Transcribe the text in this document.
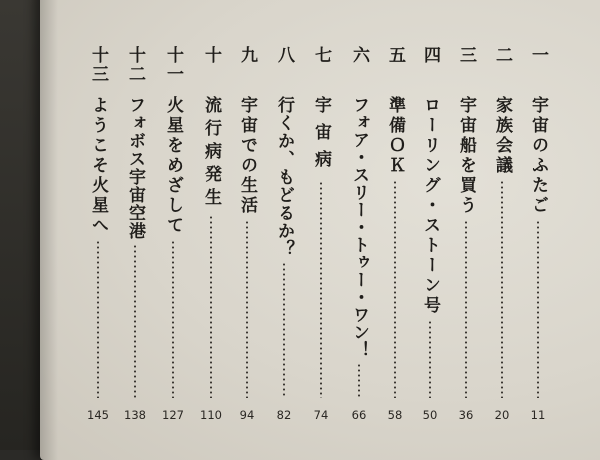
一
宇宙のふたご
11
二
家族会議
20
三
宇宙船を買う
36
四
ローリング・ストーン号
50
五
準備ＯＫ
58
六
フォア・スリー・トゥー・ワン！
66
七
宇宙病
74
八
行くか、もどるか？
82
九
宇宙での生活
94
十
流行病発生
110
十一
火星をめざして
127
十二
フォボス宇宙空港
138
十三
ようこそ火星へ
145
